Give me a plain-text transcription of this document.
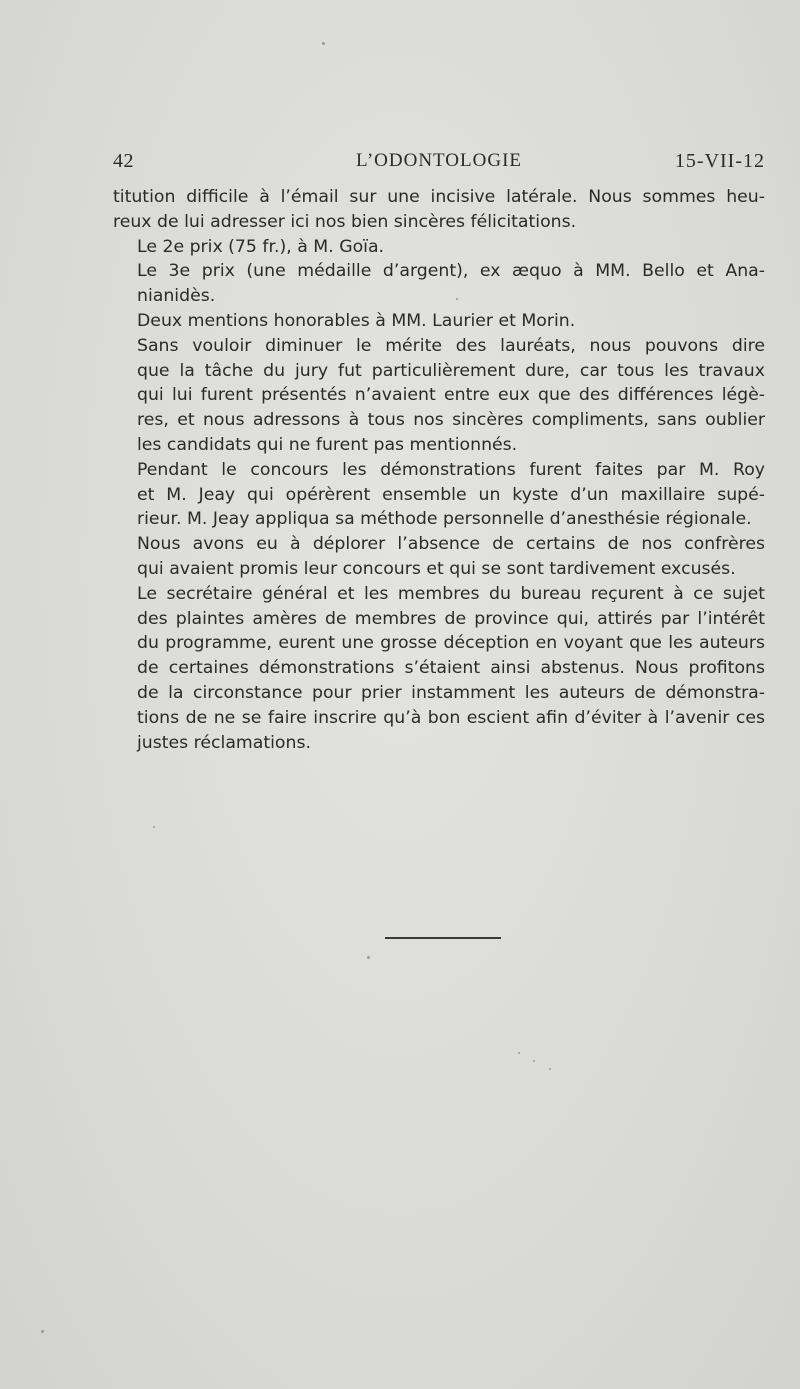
42	L’ODONTOLOGIE	15-VII-12

titution difficile à l’émail sur une incisive latérale. Nous sommes heu-
reux de lui adresser ici nos bien sincères félicitations.

Le 2e prix (75 fr.), à M. Goïa.

Le 3e prix (une médaille d’argent), ex æquo à MM. Bello et Ana-
nianidès.

Deux mentions honorables à MM. Laurier et Morin.

Sans vouloir diminuer le mérite des lauréats, nous pouvons dire
que la tâche du jury fut particulièrement dure, car tous les travaux
qui lui furent présentés n’avaient entre eux que des différences légè-
res, et nous adressons à tous nos sincères compliments, sans oublier
les candidats qui ne furent pas mentionnés.

Pendant le concours les démonstrations furent faites par M. Roy
et M. Jeay qui opérèrent ensemble un kyste d’un maxillaire supé-
rieur. M. Jeay appliqua sa méthode personnelle d’anesthésie régionale.

Nous avons eu à déplorer l’absence de certains de nos confrères
qui avaient promis leur concours et qui se sont tardivement excusés.

Le secrétaire général et les membres du bureau reçurent à ce sujet
des plaintes amères de membres de province qui, attirés par l’intérêt
du programme, eurent une grosse déception en voyant que les auteurs
de certaines démonstrations s’étaient ainsi abstenus. Nous profitons
de la circonstance pour prier instamment les auteurs de démonstra-
tions de ne se faire inscrire qu’à bon escient afin d’éviter à l’avenir ces
justes réclamations.
